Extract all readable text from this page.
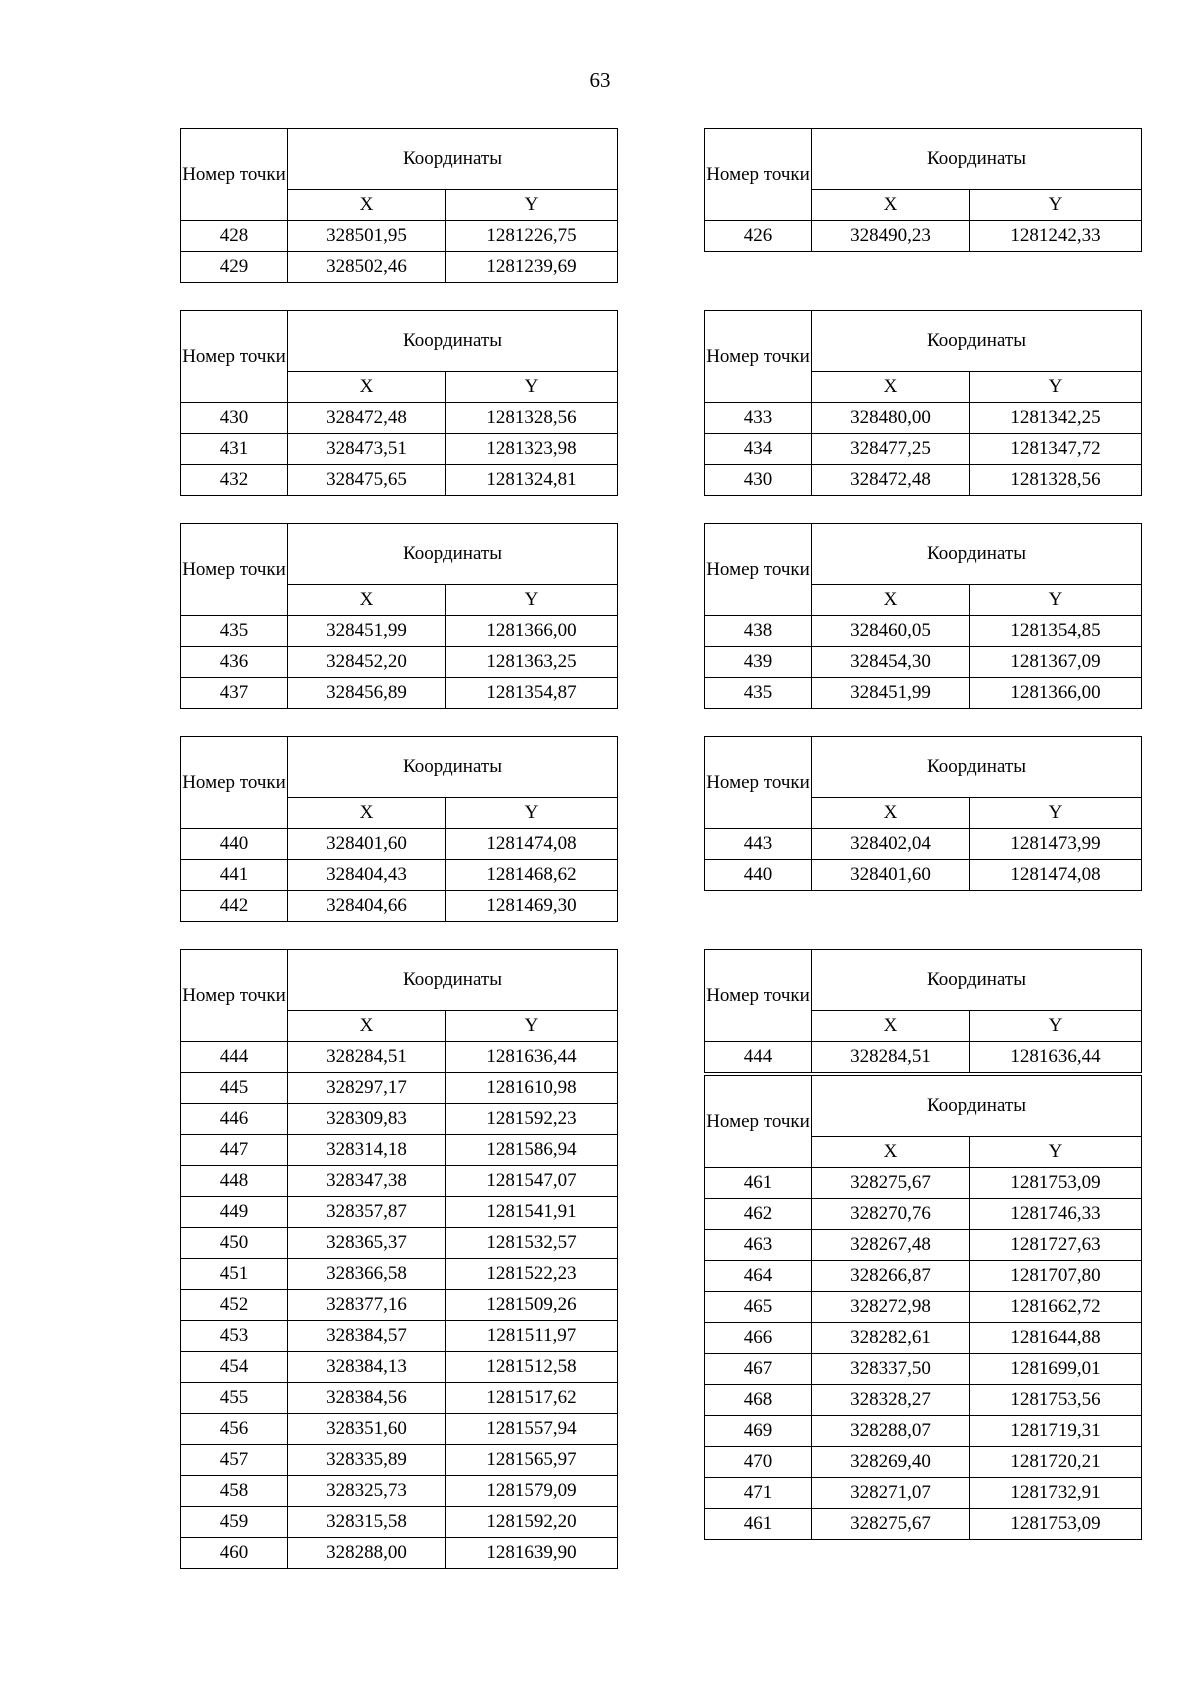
63
Номер точки	Координаты	
	X	Y
428	328501,95	1281226,75
429	328502,46	1281239,69
Номер точки	Координаты	
	X	Y
426	328490,23	1281242,33
Номер точки	Координаты	
	X	Y
430	328472,48	1281328,56
431	328473,51	1281323,98
432	328475,65	1281324,81
Номер точки	Координаты	
	X	Y
433	328480,00	1281342,25
434	328477,25	1281347,72
430	328472,48	1281328,56
Номер точки	Координаты	
	X	Y
435	328451,99	1281366,00
436	328452,20	1281363,25
437	328456,89	1281354,87
Номер точки	Координаты	
	X	Y
438	328460,05	1281354,85
439	328454,30	1281367,09
435	328451,99	1281366,00
Номер точки	Координаты	
	X	Y
440	328401,60	1281474,08
441	328404,43	1281468,62
442	328404,66	1281469,30
Номер точки	Координаты	
	X	Y
443	328402,04	1281473,99
440	328401,60	1281474,08
Номер точки	Координаты	
	X	Y
444	328284,51	1281636,44
445	328297,17	1281610,98
446	328309,83	1281592,23
447	328314,18	1281586,94
448	328347,38	1281547,07
449	328357,87	1281541,91
450	328365,37	1281532,57
451	328366,58	1281522,23
452	328377,16	1281509,26
453	328384,57	1281511,97
454	328384,13	1281512,58
455	328384,56	1281517,62
456	328351,60	1281557,94
457	328335,89	1281565,97
458	328325,73	1281579,09
459	328315,58	1281592,20
460	328288,00	1281639,90
Номер точки	Координаты	
	X	Y
444	328284,51	1281636,44
Номер точки	Координаты	
	X	Y
461	328275,67	1281753,09
462	328270,76	1281746,33
463	328267,48	1281727,63
464	328266,87	1281707,80
465	328272,98	1281662,72
466	328282,61	1281644,88
467	328337,50	1281699,01
468	328328,27	1281753,56
469	328288,07	1281719,31
470	328269,40	1281720,21
471	328271,07	1281732,91
461	328275,67	1281753,09
